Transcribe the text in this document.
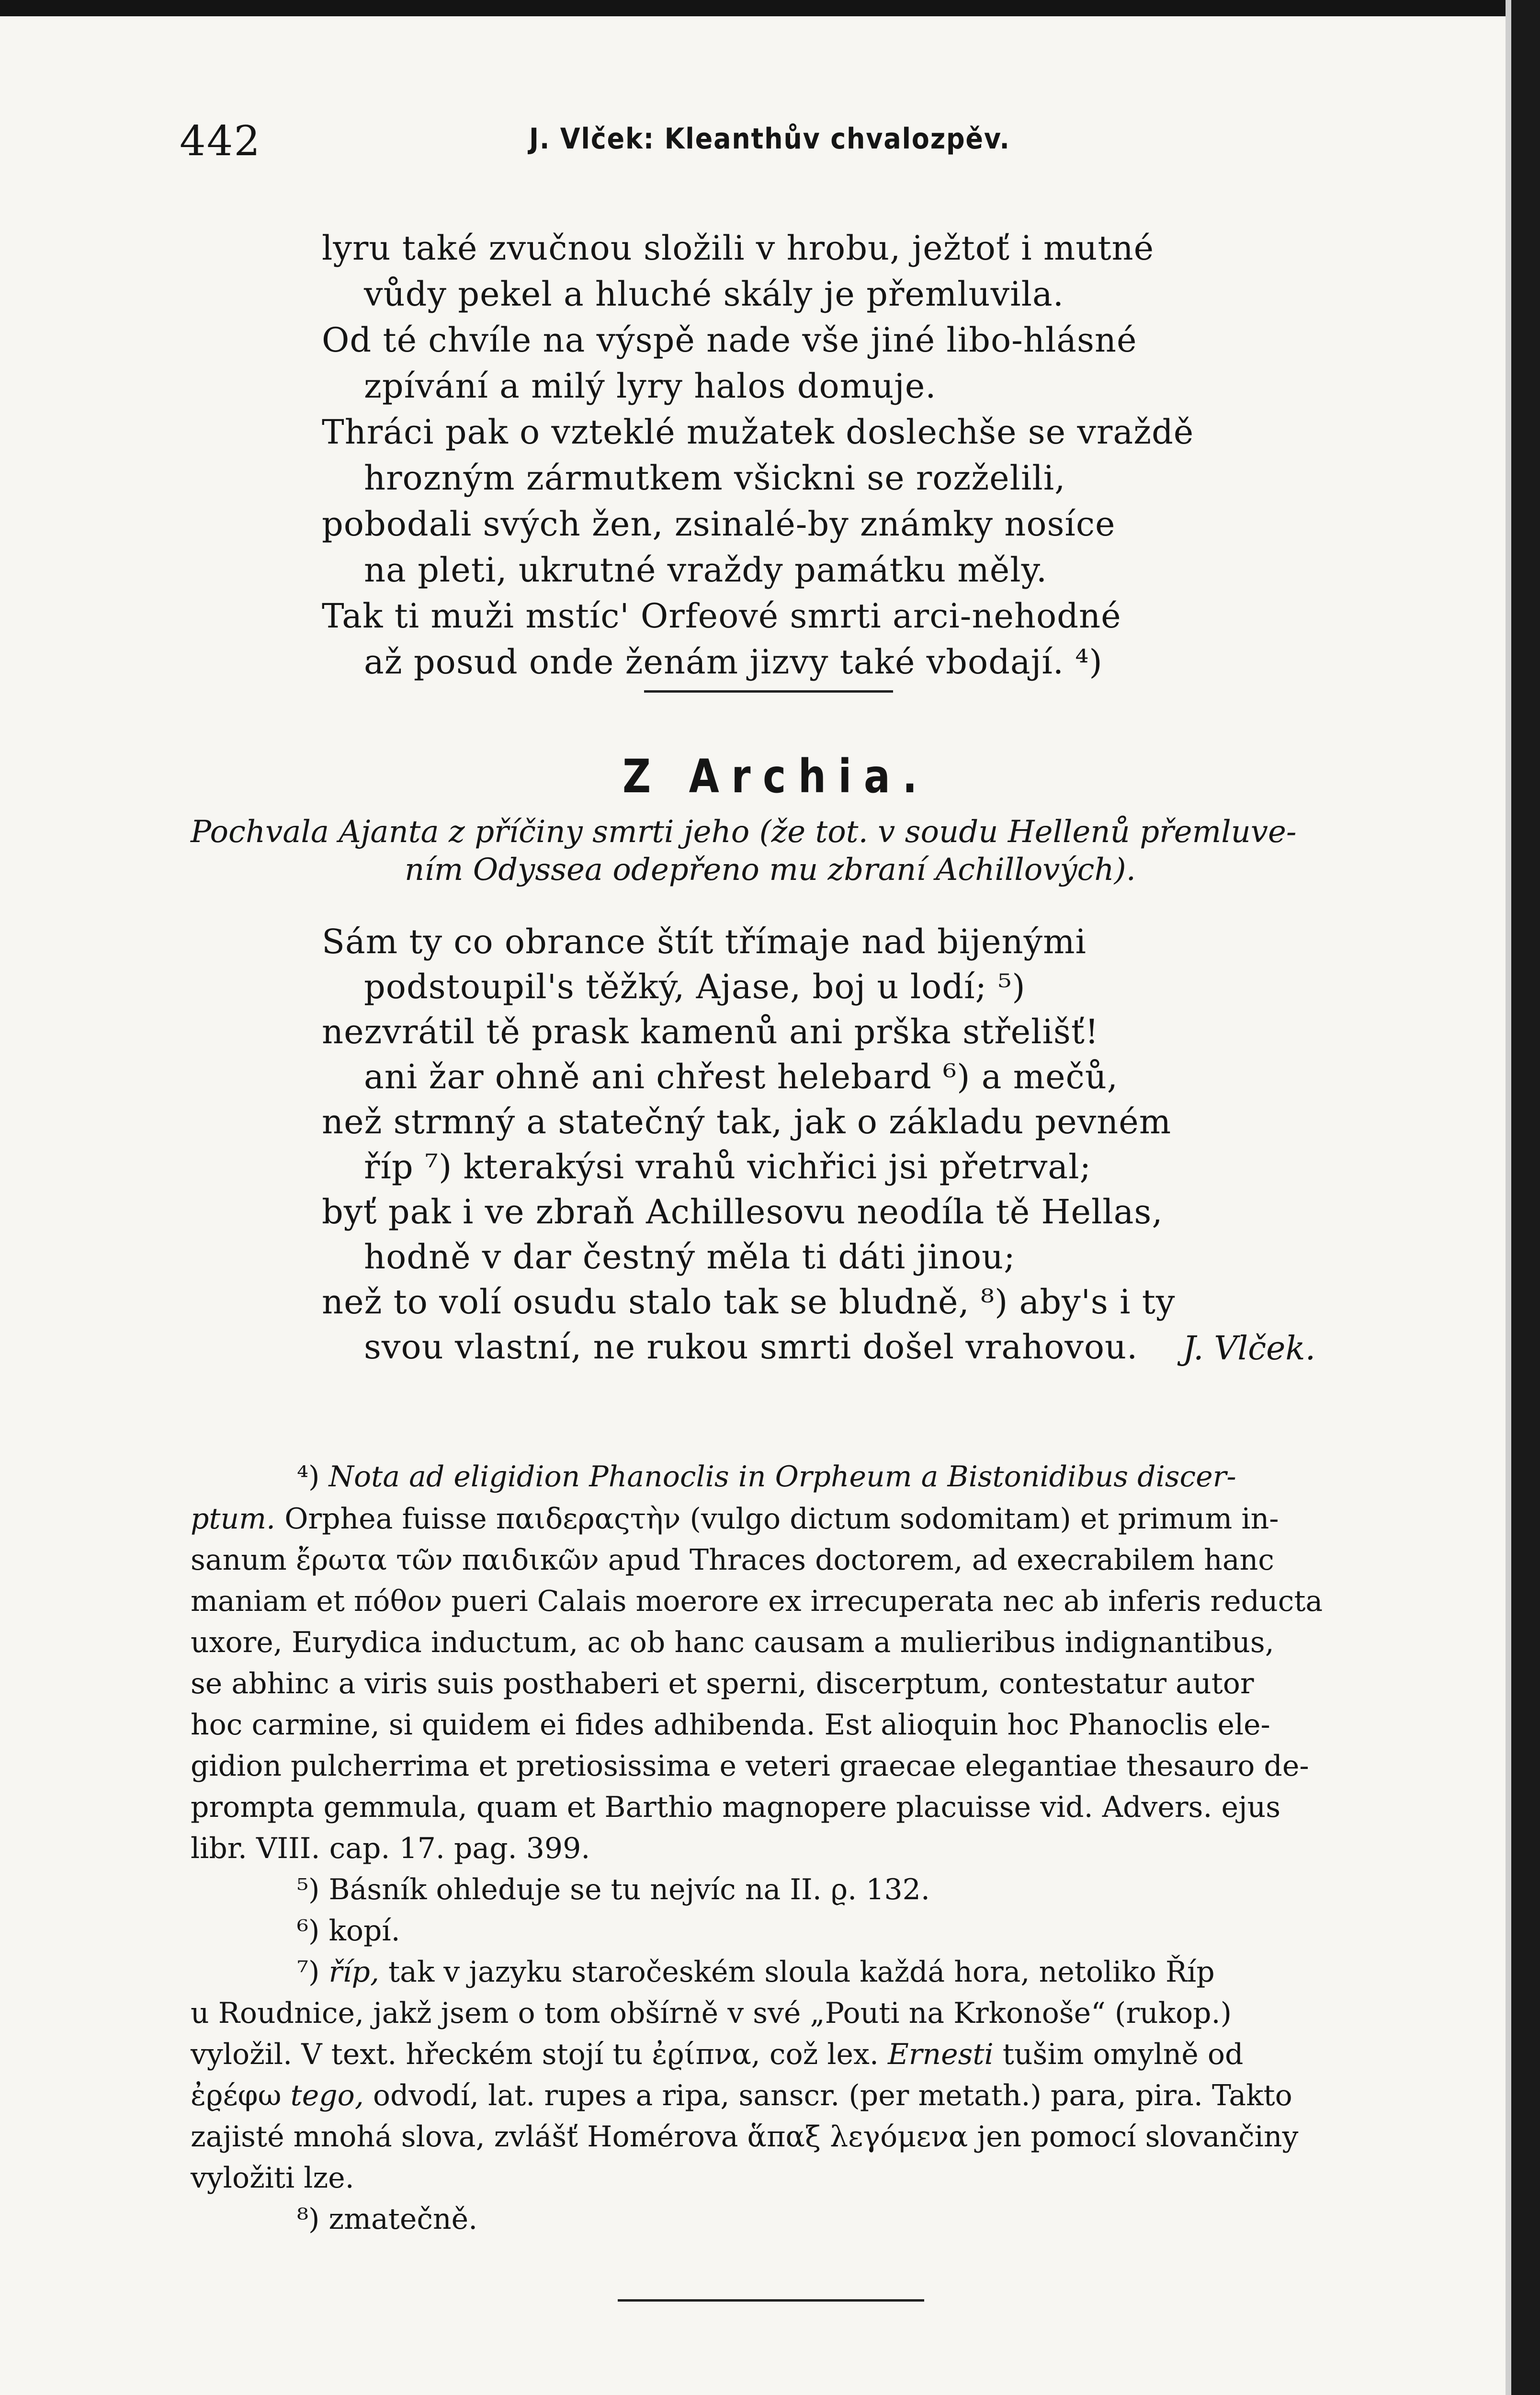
442	J. Vlček: Kleanthův chvalozpěv.
lyru také zvučnou složili v hrobu, ježtoť i mutné
vůdy pekel a hluché skály je přemluvila.
Od té chvíle na výspě nade vše jiné libo-hlásné
zpívání a milý lyry halos domuje.
Thráci pak o vzteklé mužatek doslechše se vraždě
hrozným zármutkem všickni se rozželili,
pobodali svých žen, zsinalé-by známky nosíce
na pleti, ukrutné vraždy památku měly.
Tak ti muži mstíc' Orfeové smrti arci-nehodné
až posud onde ženám jizvy také vbodají. ⁴)
Z Archia.
Pochvala Ajanta z příčiny smrti jeho (že tot. v soudu Hellenů přemluve-
ním Odyssea odepřeno mu zbraní Achillových).
Sám ty co obrance štít třímaje nad bijenými
podstoupil's těžký, Ajase, boj u lodí; ⁵)
nezvrátil tě prask kamenů ani prška střelišť!
ani žar ohně ani chřest helebard ⁶) a mečů,
než strmný a statečný tak, jak o základu pevném
říp ⁷) kterakýsi vrahů vichřici jsi přetrval;
byť pak i ve zbraň Achillesovu neodíla tě Hellas,
hodně v dar čestný měla ti dáti jinou;
než to volí osudu stalo tak se bludně, ⁸) aby's i ty
svou vlastní, ne rukou smrti došel vrahovou. J. Vlček.
⁴) Nota ad eligidion Phanoclis in Orpheum a Bistonidibus discer-
ptum. Orphea fuisse παιδεραςτὴν (vulgo dictum sodomitam) et primum in-
sanum ἔρωτα τῶν παιδικῶν apud Thraces doctorem, ad execrabilem hanc
maniam et πόθον pueri Calais moerore ex irrecuperata nec ab inferis reducta
uxore, Eurydica inductum, ac ob hanc causam a mulieribus indignantibus,
se abhinc a viris suis posthaberi et sperni, discerptum, contestatur autor
hoc carmine, si quidem ei fides adhibenda. Est alioquin hoc Phanoclis ele-
gidion pulcherrima et pretiosissima e veteri graecae elegantiae thesauro de-
prompta gemmula, quam et Barthio magnopere placuisse vid. Advers. ejus
libr. VIII. cap. 17. pag. 399.
⁵) Básník ohleduje se tu nejvíc na II. ϱ. 132.
⁶) kopí.
⁷) říp, tak v jazyku staročeském sloula každá hora, netoliko Říp
u Roudnice, jakž jsem o tom obšírně v své „Pouti na Krkonoše“ (rukop.)
vyložil. V text. hřeckém stojí tu ἐϱίπνα, což lex. Ernesti tušim omylně od
ἐϱέφω tego, odvodí, lat. rupes a ripa, sanscr. (per metath.) para, pira. Takto
zajisté mnohá slova, zvlášť Homérova ἅπαξ λεγόμενα jen pomocí slovančiny
vyložiti lze.
⁸) zmatečně.
